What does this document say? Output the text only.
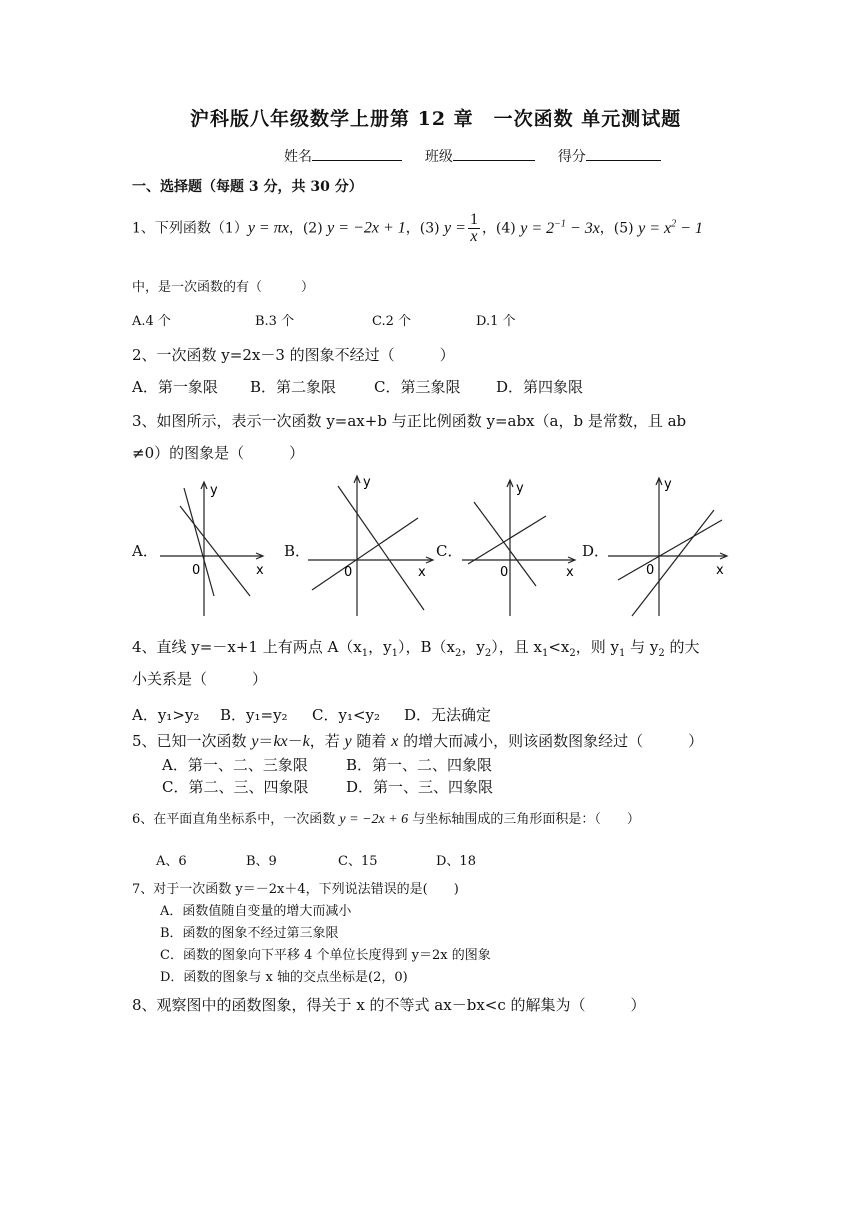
沪科版八年级数学上册第 12 章　一次函数 单元测试题
姓名	班级	得分
一、选择题（每题 3 分，共 30 分）
1、下列函数（1）y = πx，(2) y = −2x + 1，(3) $y = \frac{1}{x}$ ，(4) $y = 2^{-1} - 3x$，(5) $y = x^2 - 1$
中，是一次函数的有（　　　）
A.4 个	B.3 个	C.2 个	D.1 个
2、一次函数 y=2x－3 的图象不经过（　　　）
A．第一象限 B．第二象限	C．第三象限 D．第四象限
3、如图所示，表示一次函数 y=ax+b 与正比例函数 y=abx（a，b 是常数，且 ab
≠0）的图象是（　　　）
A．	B．	C．	D．
y
x
0
y
x
0
y
x
0
y
x
0
4、直线 y=－x+1 上有两点 $A(x_1$，$y_1$），$B(x_2$，$y_2$），且 $x_1<x_2$，则 $y_1$ 与 $y_2$ 的大
小关系是（　　　）
A．y₁>y₂ B．y₁=y₂ C．y₁<y₂ D．无法确定
5、已知一次函数 y＝kx－k，若 y 随着 x 的增大而减小，则该函数图象经过（　　　）
A．第一、二、三象限	B．第一、二、四象限
C．第二、三、四象限	D．第一、三、四象限
6、在平面直角坐标系中，一次函数 y = −2x + 6 与坐标轴围成的三角形面积是：（　　）
A、6	B、9	C、15	D、18
7、对于一次函数 y＝－2x＋4，下列说法错误的是(　　)
A．函数值随自变量的增大而减小
B．函数的图象不经过第三象限
C．函数的图象向下平移 4 个单位长度得到 y＝2x 的图象
D．函数的图象与 x 轴的交点坐标是(2，0)
8、观察图中的函数图象，得关于 x 的不等式 ax－bx<c 的解集为（　　　）
